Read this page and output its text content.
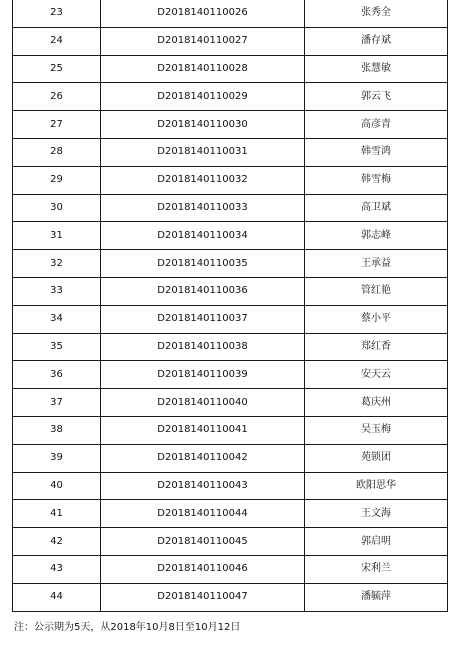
23	D2018140110026	张秀全
24	D2018140110027	潘存斌
25	D2018140110028	张慧敏
26	D2018140110029	郭云飞
27	D2018140110030	高彦青
28	D2018140110031	韩雪鸿
29	D2018140110032	韩雪梅
30	D2018140110033	高卫斌
31	D2018140110034	郭志峰
32	D2018140110035	王承益
33	D2018140110036	管红艳
34	D2018140110037	蔡小平
35	D2018140110038	郑红香
36	D2018140110039	安天云
37	D2018140110040	葛庆州
38	D2018140110041	吴玉梅
39	D2018140110042	苑锁团
40	D2018140110043	欧阳思华
41	D2018140110044	王文海
42	D2018140110045	郭启明
43	D2018140110046	宋利兰
44	D2018140110047	潘毓萍
注：公示期为5天，从2018年10月8日至10月12日
